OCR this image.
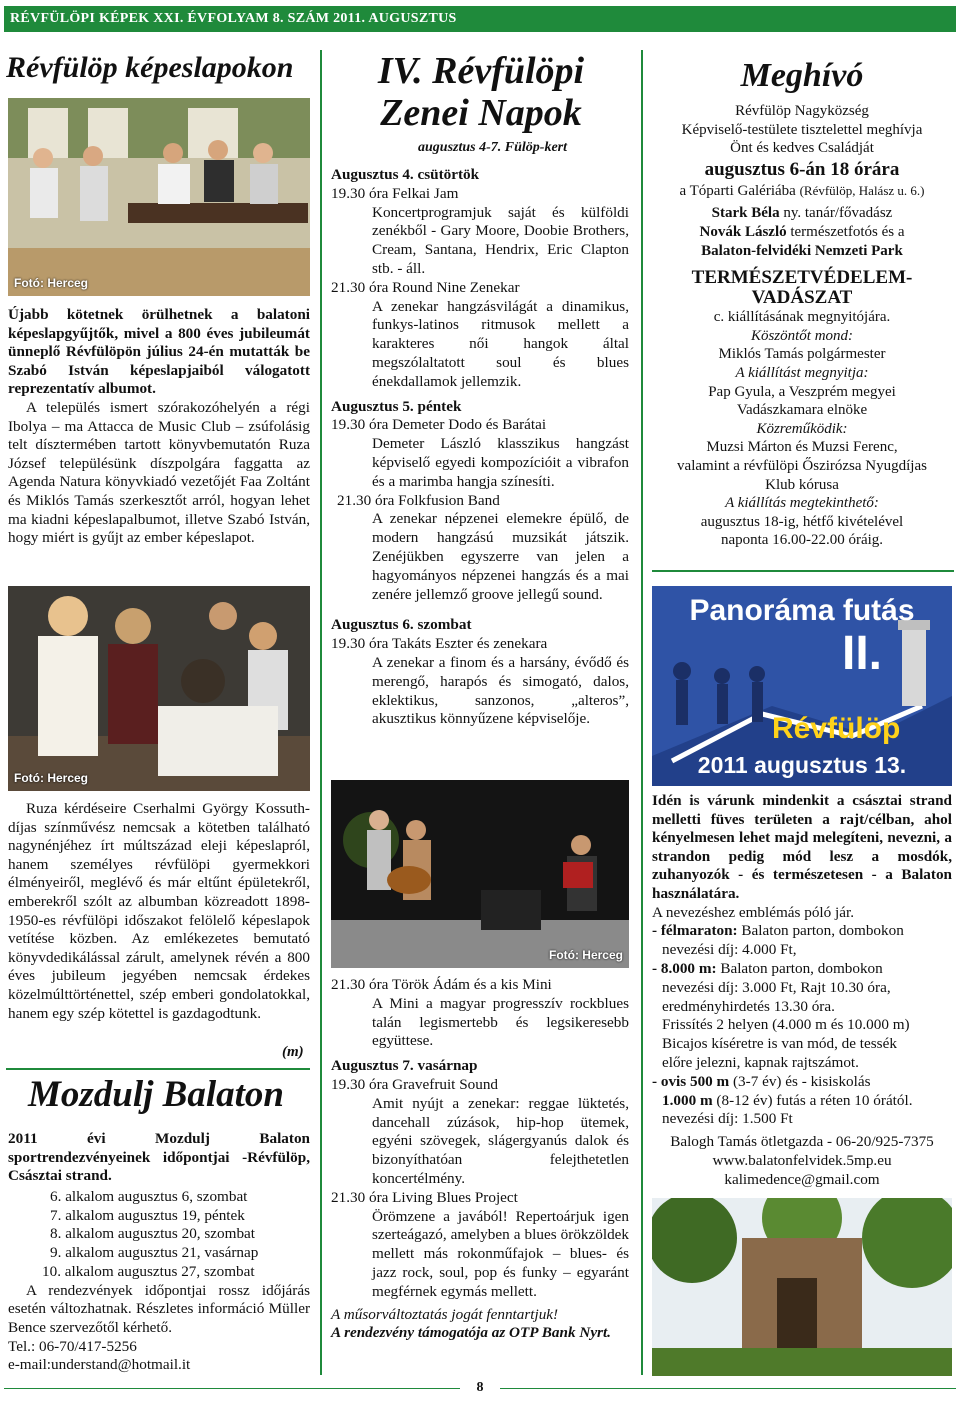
RÉVFÜLÖPI KÉPEK XXI. ÉVFOLYAM 8. SZÁM 2011. AUGUSZTUS
8
Révfülöp képeslapokon
Fotó: Herceg

Újabb kötetnek örülhetnek a balatoni képeslapgyűjtők, mivel a 800 éves jubileumát ünneplő Révfülöpön július 24-én mutatták be Szabó István képeslapjaiból válogatott reprezentatív albumot.

A település ismert szórakozóhelyén a régi Ibolya – ma Attacca de Music Club – zsúfolásig telt dísztermében tartott könyvbemutatón Ruza József településünk díszpolgára faggatta az Agenda Natura könyvkiadó vezetőjét Faa Zoltánt és Miklós Tamás szerkesztőt arról, hogyan lehet ma kiadni képeslapalbumot, illetve Szabó István, hogy miért is gyűjt az ember képeslapot.

Fotó: Herceg

Ruza kérdéseire Cserhalmi György Kossuth-díjas színművész nemcsak a kötetben található nagynénjéhez írt múltszázad eleji képeslapról, hanem személyes révfülöpi gyermekkori élményeiről, meglévő és már eltűnt épületekről, emberekről szólt az albumban közreadott 1898-1950-es révfülöpi időszakot felölelő képeslapok vetítése közben. Az emlékezetes bemutató könyvdedikálással zárult, amelynek révén a 800 éves jubileum jegyében nemcsak érdekes közelmúlttörténettel, szép emberi gondolatokkal, hanem egy szép kötettel is gazdagodtunk.

(m)
Mozdulj Balaton

2011 évi Mozdulj Balaton sportrendezvényeinek időpontjai -Révfülöp, Császtai strand.

6. alkalom augusztus 6, szombat
7. alkalom augusztus 19, péntek
8. alkalom augusztus 20, szombat
9. alkalom augusztus 21, vasárnap
10. alkalom augusztus 27, szombat

A rendezvények időpontjai rossz időjárás esetén változhatnak. Részletes információ Müller Bence szervezőtől kérhető.

Tel.: 06-70/417-5256

e-mail:understand@hotmail.it

IV. Révfülöpi
Zenei Napok
augusztus 4-7. Fülöp-kert
Augusztus 4. csütörtök
19.30 óra Felkai Jam
Koncertprogramjuk saját és külföldi zenékből - Gary Moore, Doobie Brothers, Cream, Santana, Hendrix, Eric Clapton stb. - áll.
21.30 óra Round Nine Zenekar
A zenekar hangzásvilágát a dinamikus, funkys-latinos ritmusok mellett a karakteres női hangok által megszólaltatott soul és blues énekdallamok jellemzik.
Augusztus 5. péntek
19.30 óra Demeter Dodo és Barátai
Demeter László klasszikus hangzást képviselő egyedi kompozícióit a vibrafon és a marimba hangja színesíti.
21.30 óra Folkfusion Band
A zenekar népzenei elemekre épülő, de modern hangzású muzsikát játszik. Zenéjükben egyszerre van jelen a hagyományos népzenei hangzás és a mai zenére jellemző groove jellegű sound.
Augusztus 6. szombat
19.30 óra Takáts Eszter és zenekara
A zenekar a finom és a harsány, évődő és merengő, harapós és simogató, dalos, eklektikus, sanzonos, „alteros”, akusztikus könnyűzene képviselője.
Fotó: Herceg
21.30 óra Török Ádám és a kis Mini
A Mini a magyar progresszív rockblues talán legismertebb és legsikeresebb együttese.
Augusztus 7. vasárnap
19.30 óra Gravefruit Sound
Amit nyújt a zenekar: reggae lüktetés, dancehall zúzások, hip-hop ütemek, egyéni szövegek, slágergyanús dalok és bizonyíthatóan felejthetetlen koncertélmény.
21.30 óra Living Blues Project
Örömzene a javából! Repertoárjuk igen szerteágazó, amelyben a blues örökzöldek mellett más rokonműfajok – blues- és jazz rock, soul, pop és funky – egyaránt megférnek egymás mellett.
A műsorváltoztatás jogát fenntartjuk!
A rendezvény támogatója az OTP Bank Nyrt.
Meghívó
Révfülöp Nagyközség
Képviselő-testülete tisztelettel meghívja
Önt és kedves Családját
augusztus 6-án 18 órára
a Tóparti Galériába (Révfülöp, Halász u. 6.)
Stark Béla ny. tanár/fővadász
Novák László természetfotós és a
Balaton-felvidéki Nemzeti Park
TERMÉSZETVÉDELEM-
VADÁSZAT
c. kiállításának megnyitójára.
Köszöntőt mond:
Miklós Tamás polgármester
A kiállítást megnyitja:
Pap Gyula, a Veszprém megyei
Vadászkamara elnöke
Közreműködik:
Muzsi Márton és Muzsi Ferenc,
valamint a révfülöpi Őszirózsa Nyugdíjas
Klub kórusa
A kiállítás megtekinthető:
augusztus 18-ig, hétfő kivételével
naponta 16.00-22.00 óráig.
Panoráma futás
II.
Révfülöp
2011 augusztus 13.

Idén is várunk mindenkit a császtai strand melletti füves területen a rajt/célban, ahol kényelmesen lehet majd melegíteni, nevezni, a strandon pedig mód lesz a mosdók, zuhanyozók - és természetesen - a Balaton használatára.

A nevezéshez emblémás póló jár.
- félmaraton: Balaton parton, dombokon
nevezési díj: 4.000 Ft,
- 8.000 m: Balaton parton, dombokon
nevezési díj: 3.000 Ft, Rajt 10.30 óra,
eredményhirdetés 13.30 óra.
Frissítés 2 helyen (4.000 m és 10.000 m)
Bicajos kíséretre is van mód, de tessék
előre jelezni, kapnak rajtszámot.
- ovis 500 m (3-7 év) és - kisiskolás
1.000 m (8-12 év) futás a réten 10 órától.
nevezési díj: 1.500 Ft
Balogh Tamás ötletgazda - 06-20/925-7375
www.balatonfelvidek.5mp.eu
kalimedence@gmail.com
